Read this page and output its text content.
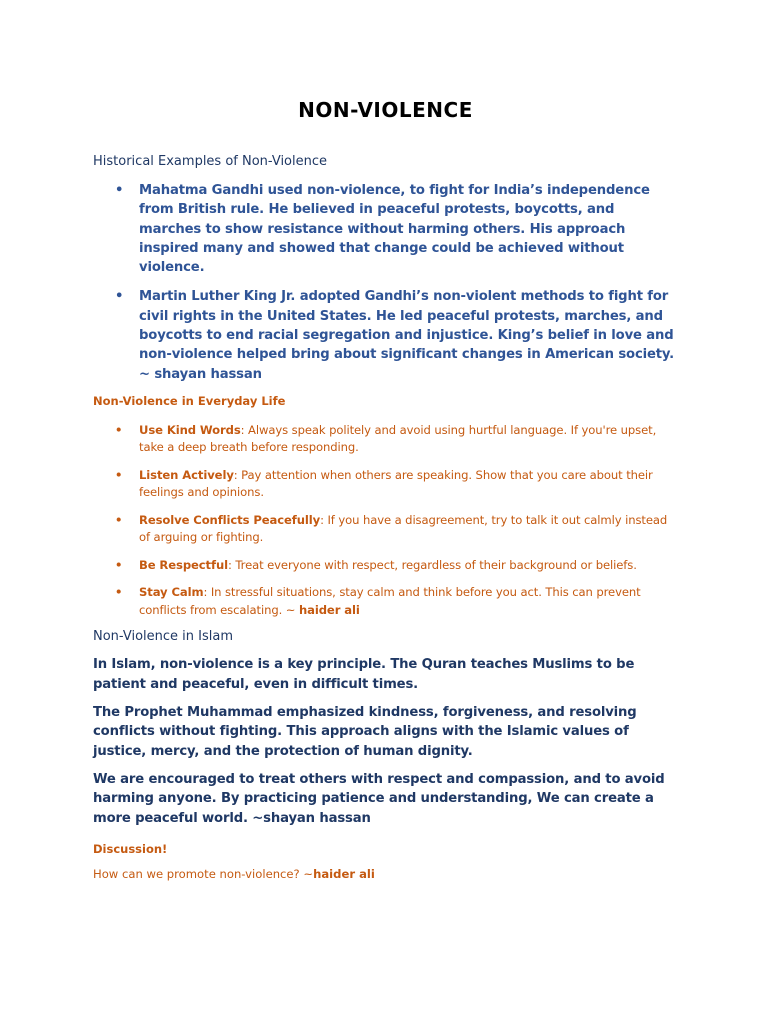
NON-VIOLENCE
Historical Examples of Non-Violence
• Mahatma Gandhi used non-violence, to fight for India’s independence from British rule. He believed in peaceful protests, boycotts, and marches to show resistance without harming others. His approach inspired many and showed that change could be achieved without violence.
• Martin Luther King Jr. adopted Gandhi’s non-violent methods to fight for civil rights in the United States. He led peaceful protests, marches, and boycotts to end racial segregation and injustice. King’s belief in love and non-violence helped bring about significant changes in American society. ~ shayan hassan
Non-Violence in Everyday Life
• Use Kind Words: Always speak politely and avoid using hurtful language. If you're upset, take a deep breath before responding.
• Listen Actively: Pay attention when others are speaking. Show that you care about their feelings and opinions.
• Resolve Conflicts Peacefully: If you have a disagreement, try to talk it out calmly instead of arguing or fighting.
• Be Respectful: Treat everyone with respect, regardless of their background or beliefs.
• Stay Calm: In stressful situations, stay calm and think before you act. This can prevent conflicts from escalating. ~ haider ali
Non-Violence in Islam

In Islam, non-violence is a key principle. The Quran teaches Muslims to be patient and peaceful, even in difficult times.

The Prophet Muhammad emphasized kindness, forgiveness, and resolving conflicts without fighting. This approach aligns with the Islamic values of justice, mercy, and the protection of human dignity.

We are encouraged to treat others with respect and compassion, and to avoid harming anyone. By practicing patience and understanding, We can create a more peaceful world. ~shayan hassan

Discussion!

How can we promote non-violence? ~haider ali
